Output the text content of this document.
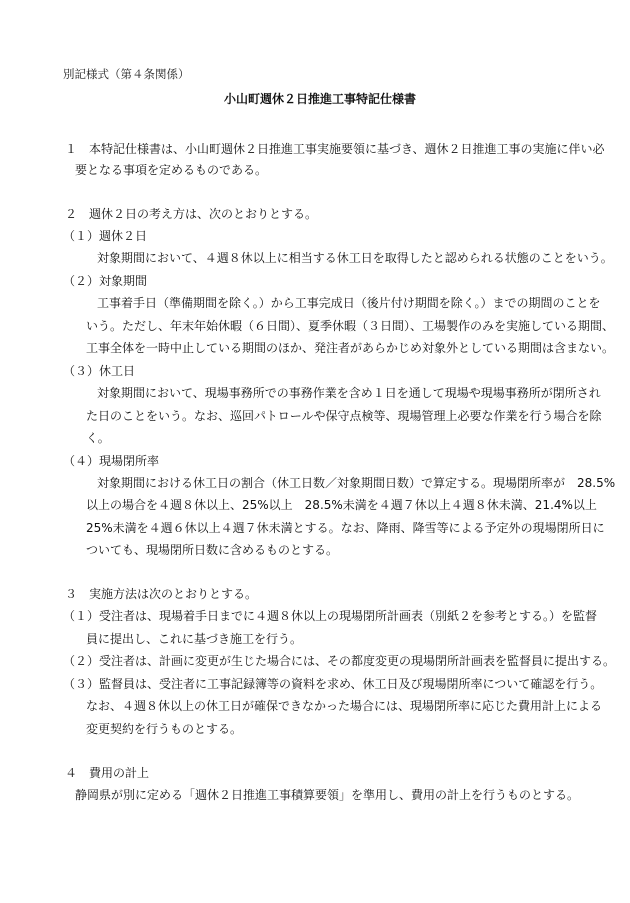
別記様式（第４条関係）
小山町週休２日推進工事特記仕様書
１　本特記仕様書は、小山町週休２日推進工事実施要領に基づき、週休２日推進工事の実施に伴い必
要となる事項を定めるものである。
２　週休２日の考え方は、次のとおりとする。
（１）週休２日
対象期間において、４週８休以上に相当する休工日を取得したと認められる状態のことをいう。
（２）対象期間
工事着手日（準備期間を除く。）から工事完成日（後片付け期間を除く。）までの期間のことを
いう。ただし、年末年始休暇（６日間）、夏季休暇（３日間）、工場製作のみを実施している期間、
工事全体を一時中止している期間のほか、発注者があらかじめ対象外としている期間は含まない。
（３）休工日
対象期間において、現場事務所での事務作業を含め１日を通して現場や現場事務所が閉所され
た日のことをいう。なお、巡回パトロールや保守点検等、現場管理上必要な作業を行う場合を除
く。
（４）現場閉所率
対象期間における休工日の割合（休工日数／対象期間日数）で算定する。現場閉所率が　28.5%
以上の場合を４週８休以上、25%以上　28.5%未満を４週７休以上４週８休未満、21.4%以上
25%未満を４週６休以上４週７休未満とする。なお、降雨、降雪等による予定外の現場閉所日に
ついても、現場閉所日数に含めるものとする。
３　実施方法は次のとおりとする。
（１）受注者は、現場着手日までに４週８休以上の現場閉所計画表（別紙２を参考とする。）を監督
員に提出し、これに基づき施工を行う。
（２）受注者は、計画に変更が生じた場合には、その都度変更の現場閉所計画表を監督員に提出する。
（３）監督員は、受注者に工事記録簿等の資料を求め、休工日及び現場閉所率について確認を行う。
なお、４週８休以上の休工日が確保できなかった場合には、現場閉所率に応じた費用計上による
変更契約を行うものとする。
４　費用の計上
静岡県が別に定める「週休２日推進工事積算要領」を準用し、費用の計上を行うものとする。
